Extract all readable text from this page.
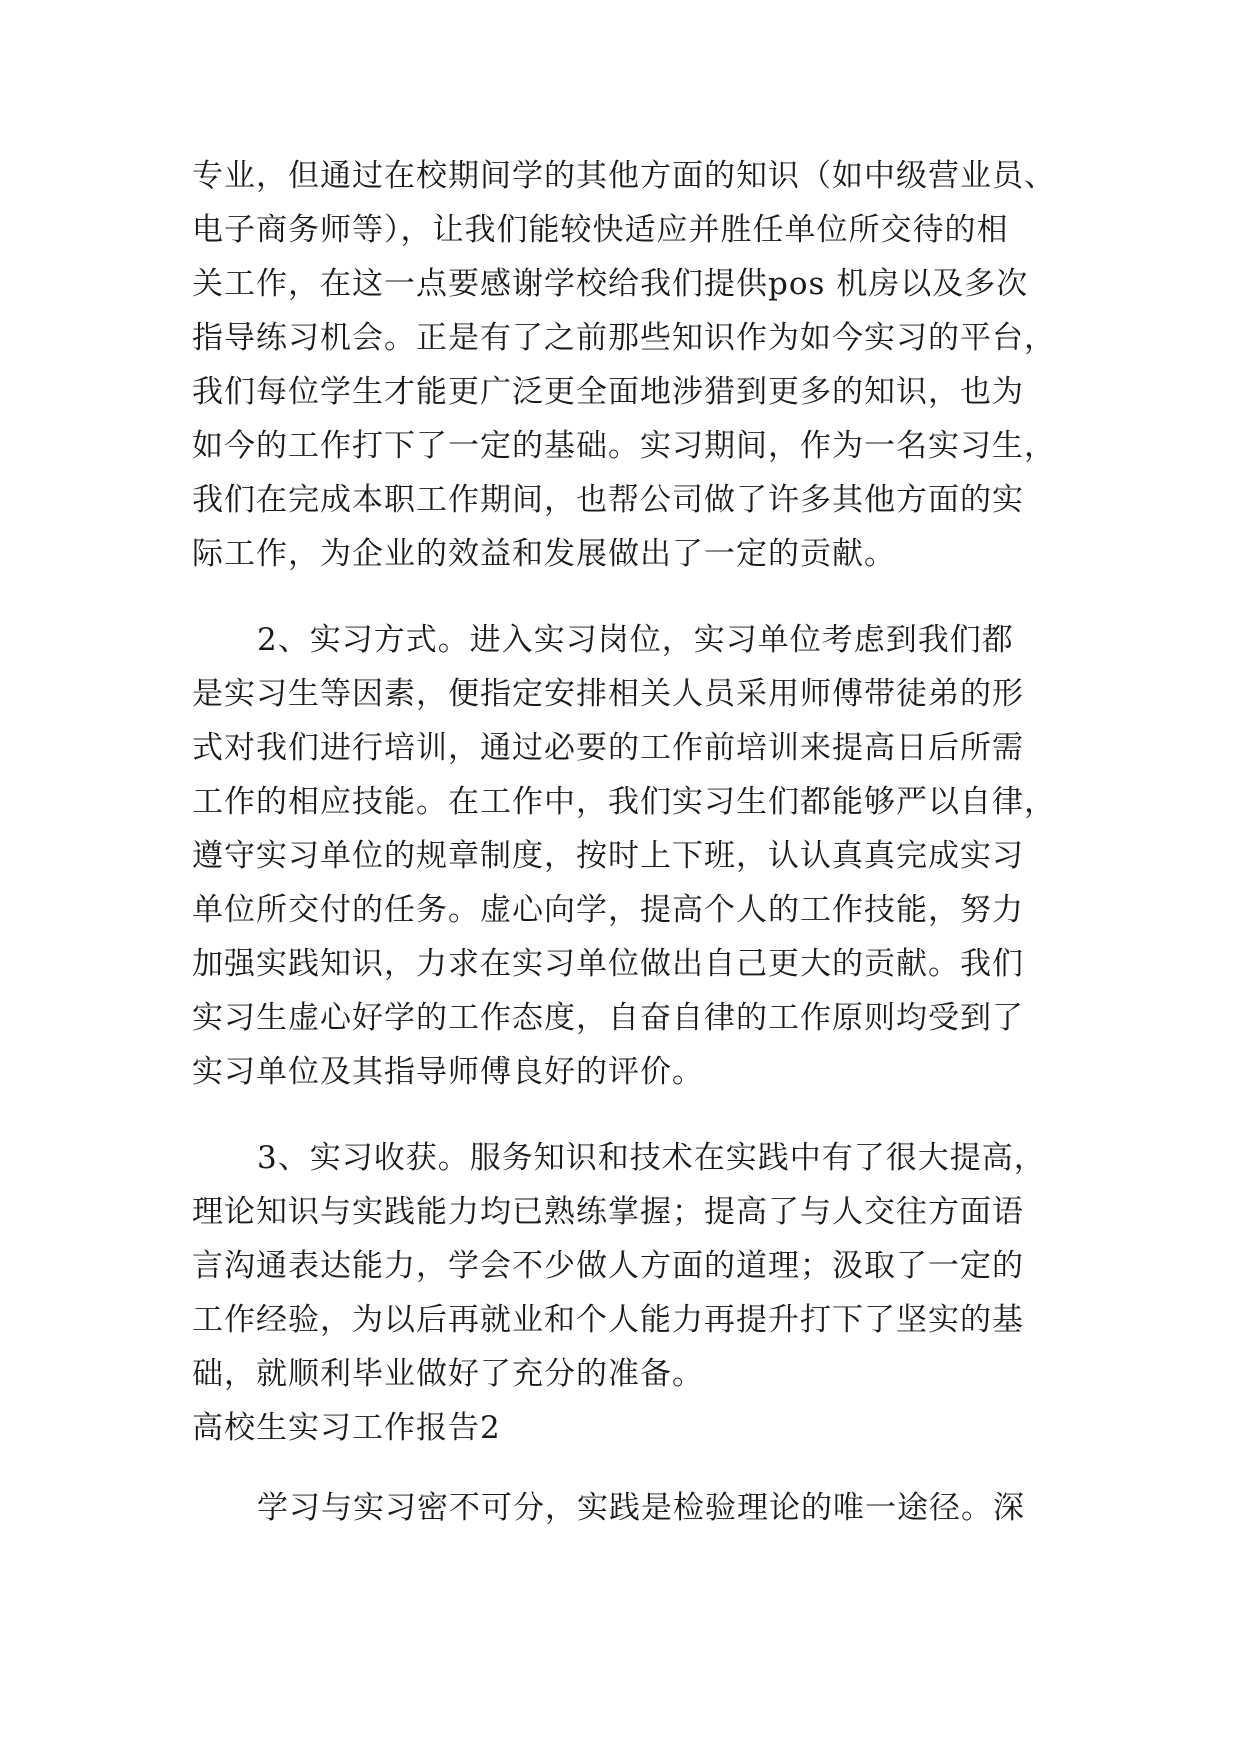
专业，但通过在校期间学的其他方面的知识（如中级营业员、
电子商务师等），让我们能较快适应并胜任单位所交待的相
关工作，在这一点要感谢学校给我们提供pos 机房以及多次
指导练习机会。正是有了之前那些知识作为如今实习的平台，
我们每位学生才能更广泛更全面地涉猎到更多的知识，也为
如今的工作打下了一定的基础。实习期间，作为一名实习生，
我们在完成本职工作期间，也帮公司做了许多其他方面的实
际工作，为企业的效益和发展做出了一定的贡献。
2、实习方式。进入实习岗位，实习单位考虑到我们都
是实习生等因素，便指定安排相关人员采用师傅带徒弟的形
式对我们进行培训，通过必要的工作前培训来提高日后所需
工作的相应技能。在工作中，我们实习生们都能够严以自律，
遵守实习单位的规章制度，按时上下班，认认真真完成实习
单位所交付的任务。虚心向学，提高个人的工作技能，努力
加强实践知识，力求在实习单位做出自己更大的贡献。我们
实习生虚心好学的工作态度，自奋自律的工作原则均受到了
实习单位及其指导师傅良好的评价。
3、实习收获。服务知识和技术在实践中有了很大提高，
理论知识与实践能力均已熟练掌握；提高了与人交往方面语
言沟通表达能力，学会不少做人方面的道理；汲取了一定的
工作经验，为以后再就业和个人能力再提升打下了坚实的基
础，就顺利毕业做好了充分的准备。
高校生实习工作报告2
学习与实习密不可分，实践是检验理论的唯一途径。深
